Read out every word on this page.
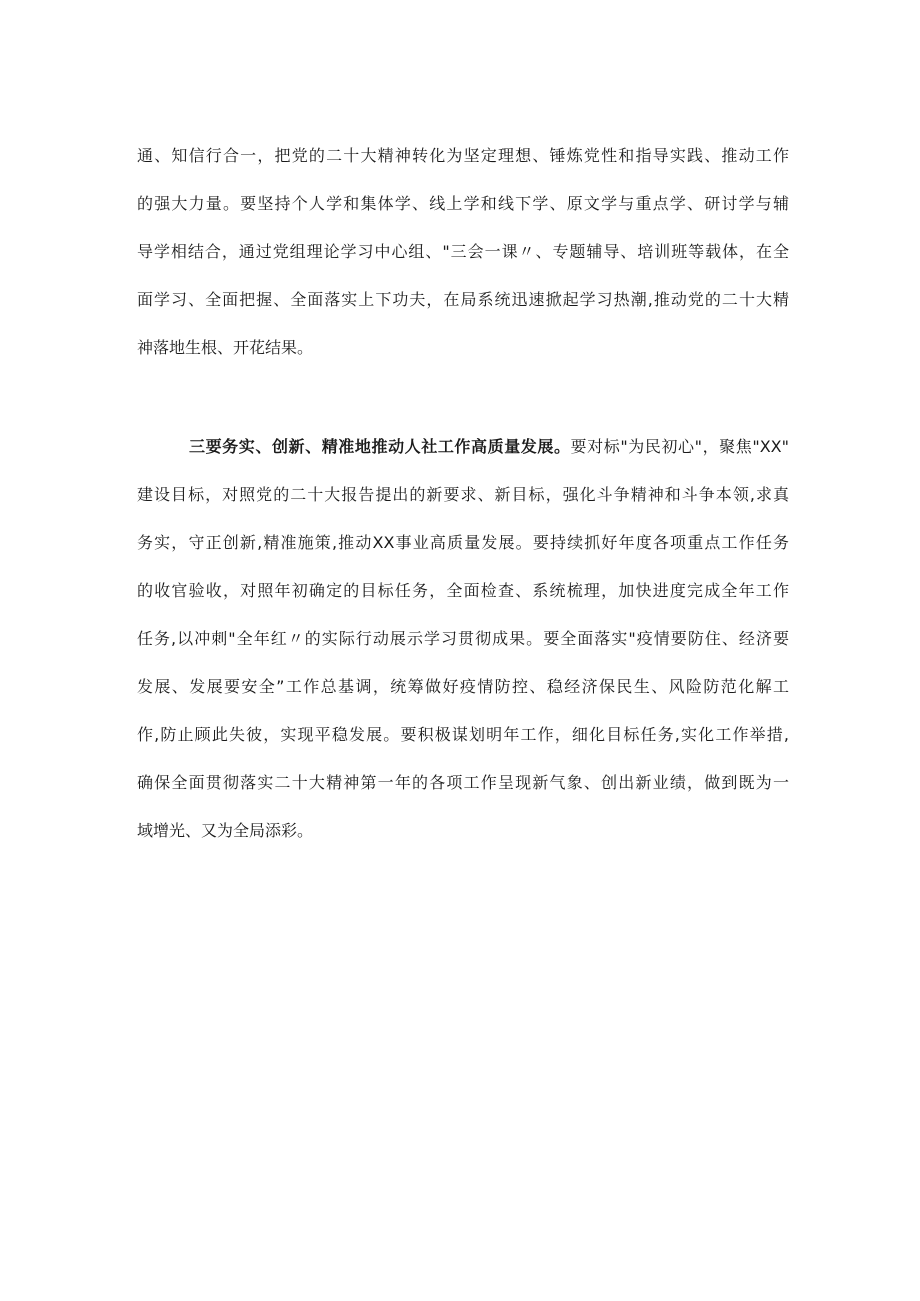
通、知信行合一，把党的二十大精神转化为坚定理想、锤炼党性和指导实践、推动工作
的强大力量。要坚持个人学和集体学、线上学和线下学、原文学与重点学、研讨学与辅
导学相结合，通过党组理论学习中心组、"三会一课〃、专题辅导、培训班等载体，在全
面学习、全面把握、全面落实上下功夫，在局系统迅速掀起学习热潮,推动党的二十大精
神落地生根、开花结果。
三要务实、创新、精准地推动人社工作高质量发展。要对标"为民初心"，聚焦"XX"
建设目标，对照党的二十大报告提出的新要求、新目标，强化斗争精神和斗争本领,求真
务实，守正创新,精准施策,推动XX事业高质量发展。要持续抓好年度各项重点工作任务
的收官验收，对照年初确定的目标任务，全面检查、系统梳理，加快进度完成全年工作
任务,以冲刺"全年红〃的实际行动展示学习贯彻成果。要全面落实"疫情要防住、经济要
发展、发展要安全”工作总基调，统筹做好疫情防控、稳经济保民生、风险防范化解工
作,防止顾此失彼，实现平稳发展。要积极谋划明年工作，细化目标任务,实化工作举措,
确保全面贯彻落实二十大精神第一年的各项工作呈现新气象、创出新业绩，做到既为一
域增光、又为全局添彩。
